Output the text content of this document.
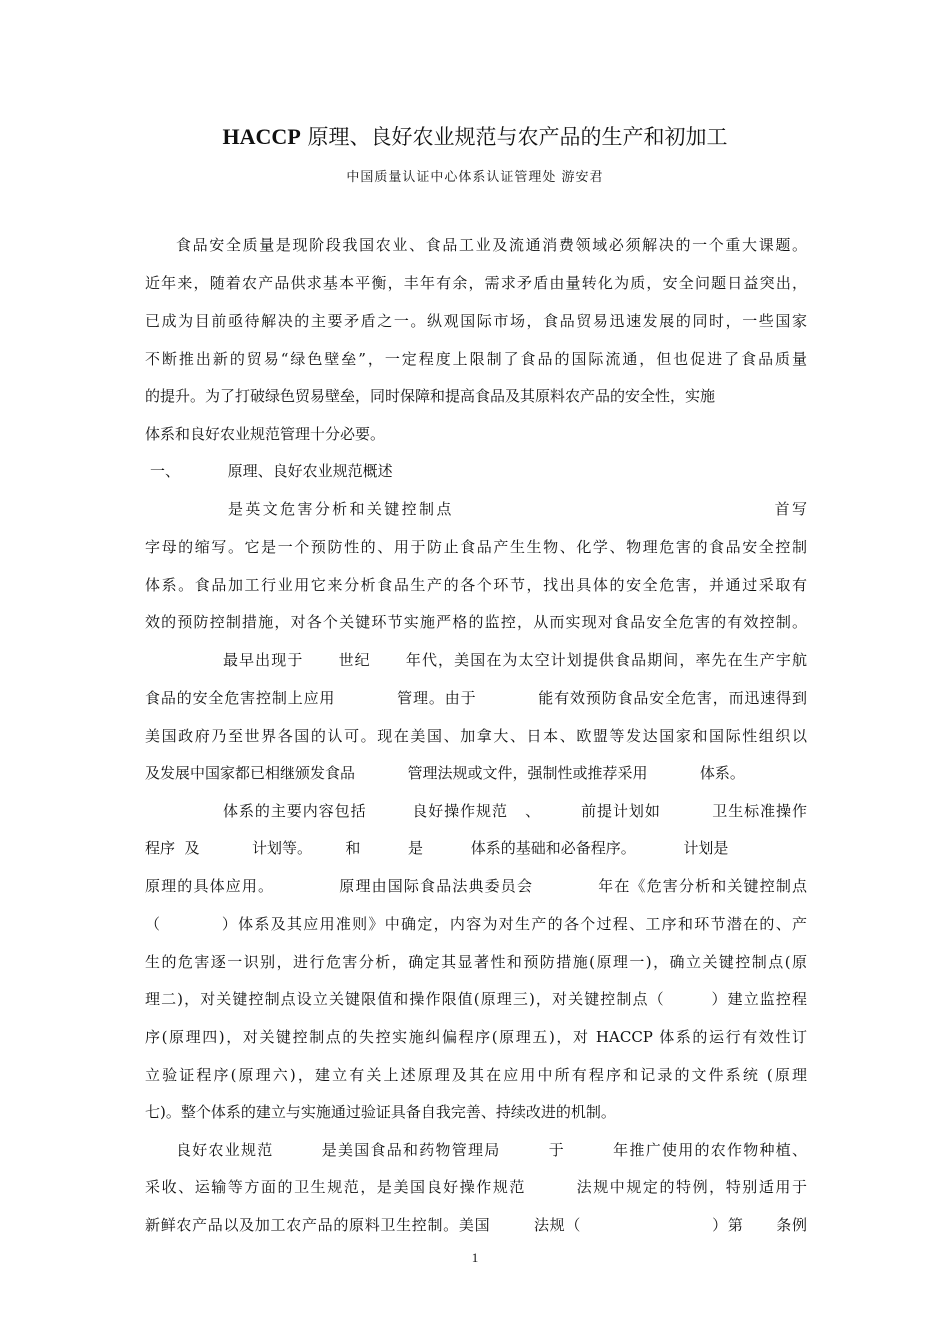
HACCP 原理、良好农业规范与农产品的生产和初加工
中国质量认证中心体系认证管理处 游安君
食品安全质量是现阶段我国农业、食品工业及流通消费领域必须解决的一个重大课题。
近年来，随着农产品供求基本平衡，丰年有余，需求矛盾由量转化为质，安全问题日益突出，
已成为目前亟待解决的主要矛盾之一。纵观国际市场，食品贸易迅速发展的同时，一些国家
不断推出新的贸易“绿色壁垒”，一定程度上限制了食品的国际流通，但也促进了食品质量
的提升。为了打破绿色贸易壁垒，同时保障和提高食品及其原料农产品的安全性，实施
体系和良好农业规范管理十分必要。
一、          原理、良好农业规范概述
是英文危害分析和关键控制点                                             首写
字母的缩写。它是一个预防性的、用于防止食品产生生物、化学、物理危害的食品安全控制
体系。食品加工行业用它来分析食品生产的各个环节，找出具体的安全危害，并通过采取有
效的预防控制措施，对各个关键环节实施严格的监控，从而实现对食品安全危害的有效控制。
最早出现于      世纪      年代，美国在为太空计划提供食品期间，率先在生产宇航
食品的安全危害控制上应用           管理。由于           能有效预防食品安全危害，而迅速得到
美国政府乃至世界各国的认可。现在美国、加拿大、日本、欧盟等发达国家和国际性组织以
及发展中国家都已相继颁发食品           管理法规或文件，强制性或推荐采用           体系。
体系的主要内容包括        良好操作规范   、       前提计划如         卫生标准操作
程序  及           计划等。       和          是          体系的基础和必备程序。          计划是
原理的具体应用。           原理由国际食品法典委员会           年在《危害分析和关键控制点
（          ）体系及其应用准则》中确定，内容为对生产的各个过程、工序和环节潜在的、产
生的危害逐一识别，进行危害分析，确定其显著性和预防措施(原理一)，确立关键控制点(原
理二)，对关键控制点设立关键限值和操作限值(原理三)，对关键控制点（        ）建立监控程
序(原理四)，对关键控制点的失控实施纠偏程序(原理五)，对 HACCP 体系的运行有效性订
立验证程序(原理六)，建立有关上述原理及其在应用中所有程序和记录的文件系统 (原理
七)。整个体系的建立与实施通过验证具备自我完善、持续改进的机制。
良好农业规范        是美国食品和药物管理局        于        年推广使用的农作物种植、
采收、运输等方面的卫生规范，是美国良好操作规范        法规中规定的特例，特别适用于
新鲜农产品以及加工农产品的原料卫生控制。美国        法规（                        ）第      条例
1
